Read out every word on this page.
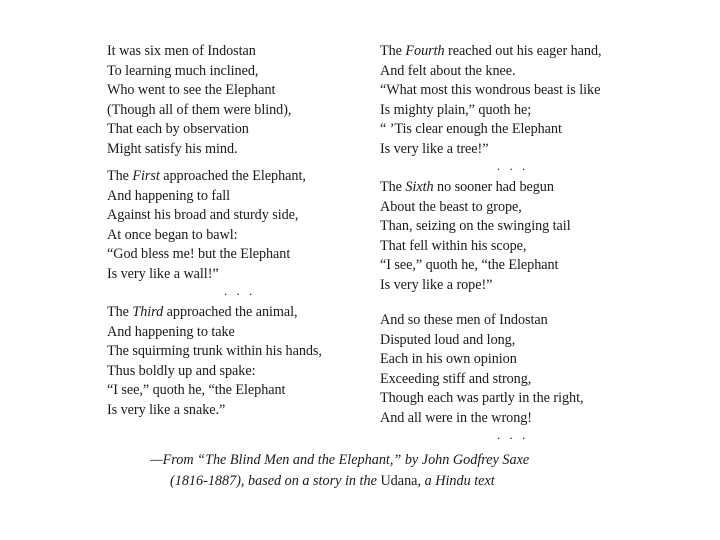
It was six men of Indostan
To learning much inclined,
Who went to see the Elephant
(Though all of them were blind),
That each by observation
Might satisfy his mind.
The First approached the Elephant,
And happening to fall
Against his broad and sturdy side,
At once began to bawl:
“God bless me! but the Elephant
Is very like a wall!”
. . .
The Third approached the animal,
And happening to take
The squirming trunk within his hands,
Thus boldly up and spake:
“I see,” quoth he, “the Elephant
Is very like a snake.”
The Fourth reached out his eager hand,
And felt about the knee.
“What most this wondrous beast is like
Is mighty plain,” quoth he;
“ ’Tis clear enough the Elephant
Is very like a tree!”
. . .
The Sixth no sooner had begun
About the beast to grope,
Than, seizing on the swinging tail
That fell within his scope,
“I see,” quoth he, “the Elephant
Is very like a rope!”
And so these men of Indostan
Disputed loud and long,
Each in his own opinion
Exceeding stiff and strong,
Though each was partly in the right,
And all were in the wrong!
. . .
—From “The Blind Men and the Elephant,” by John Godfrey Saxe
(1816-1887), based on a story in the Udana, a Hindu text
